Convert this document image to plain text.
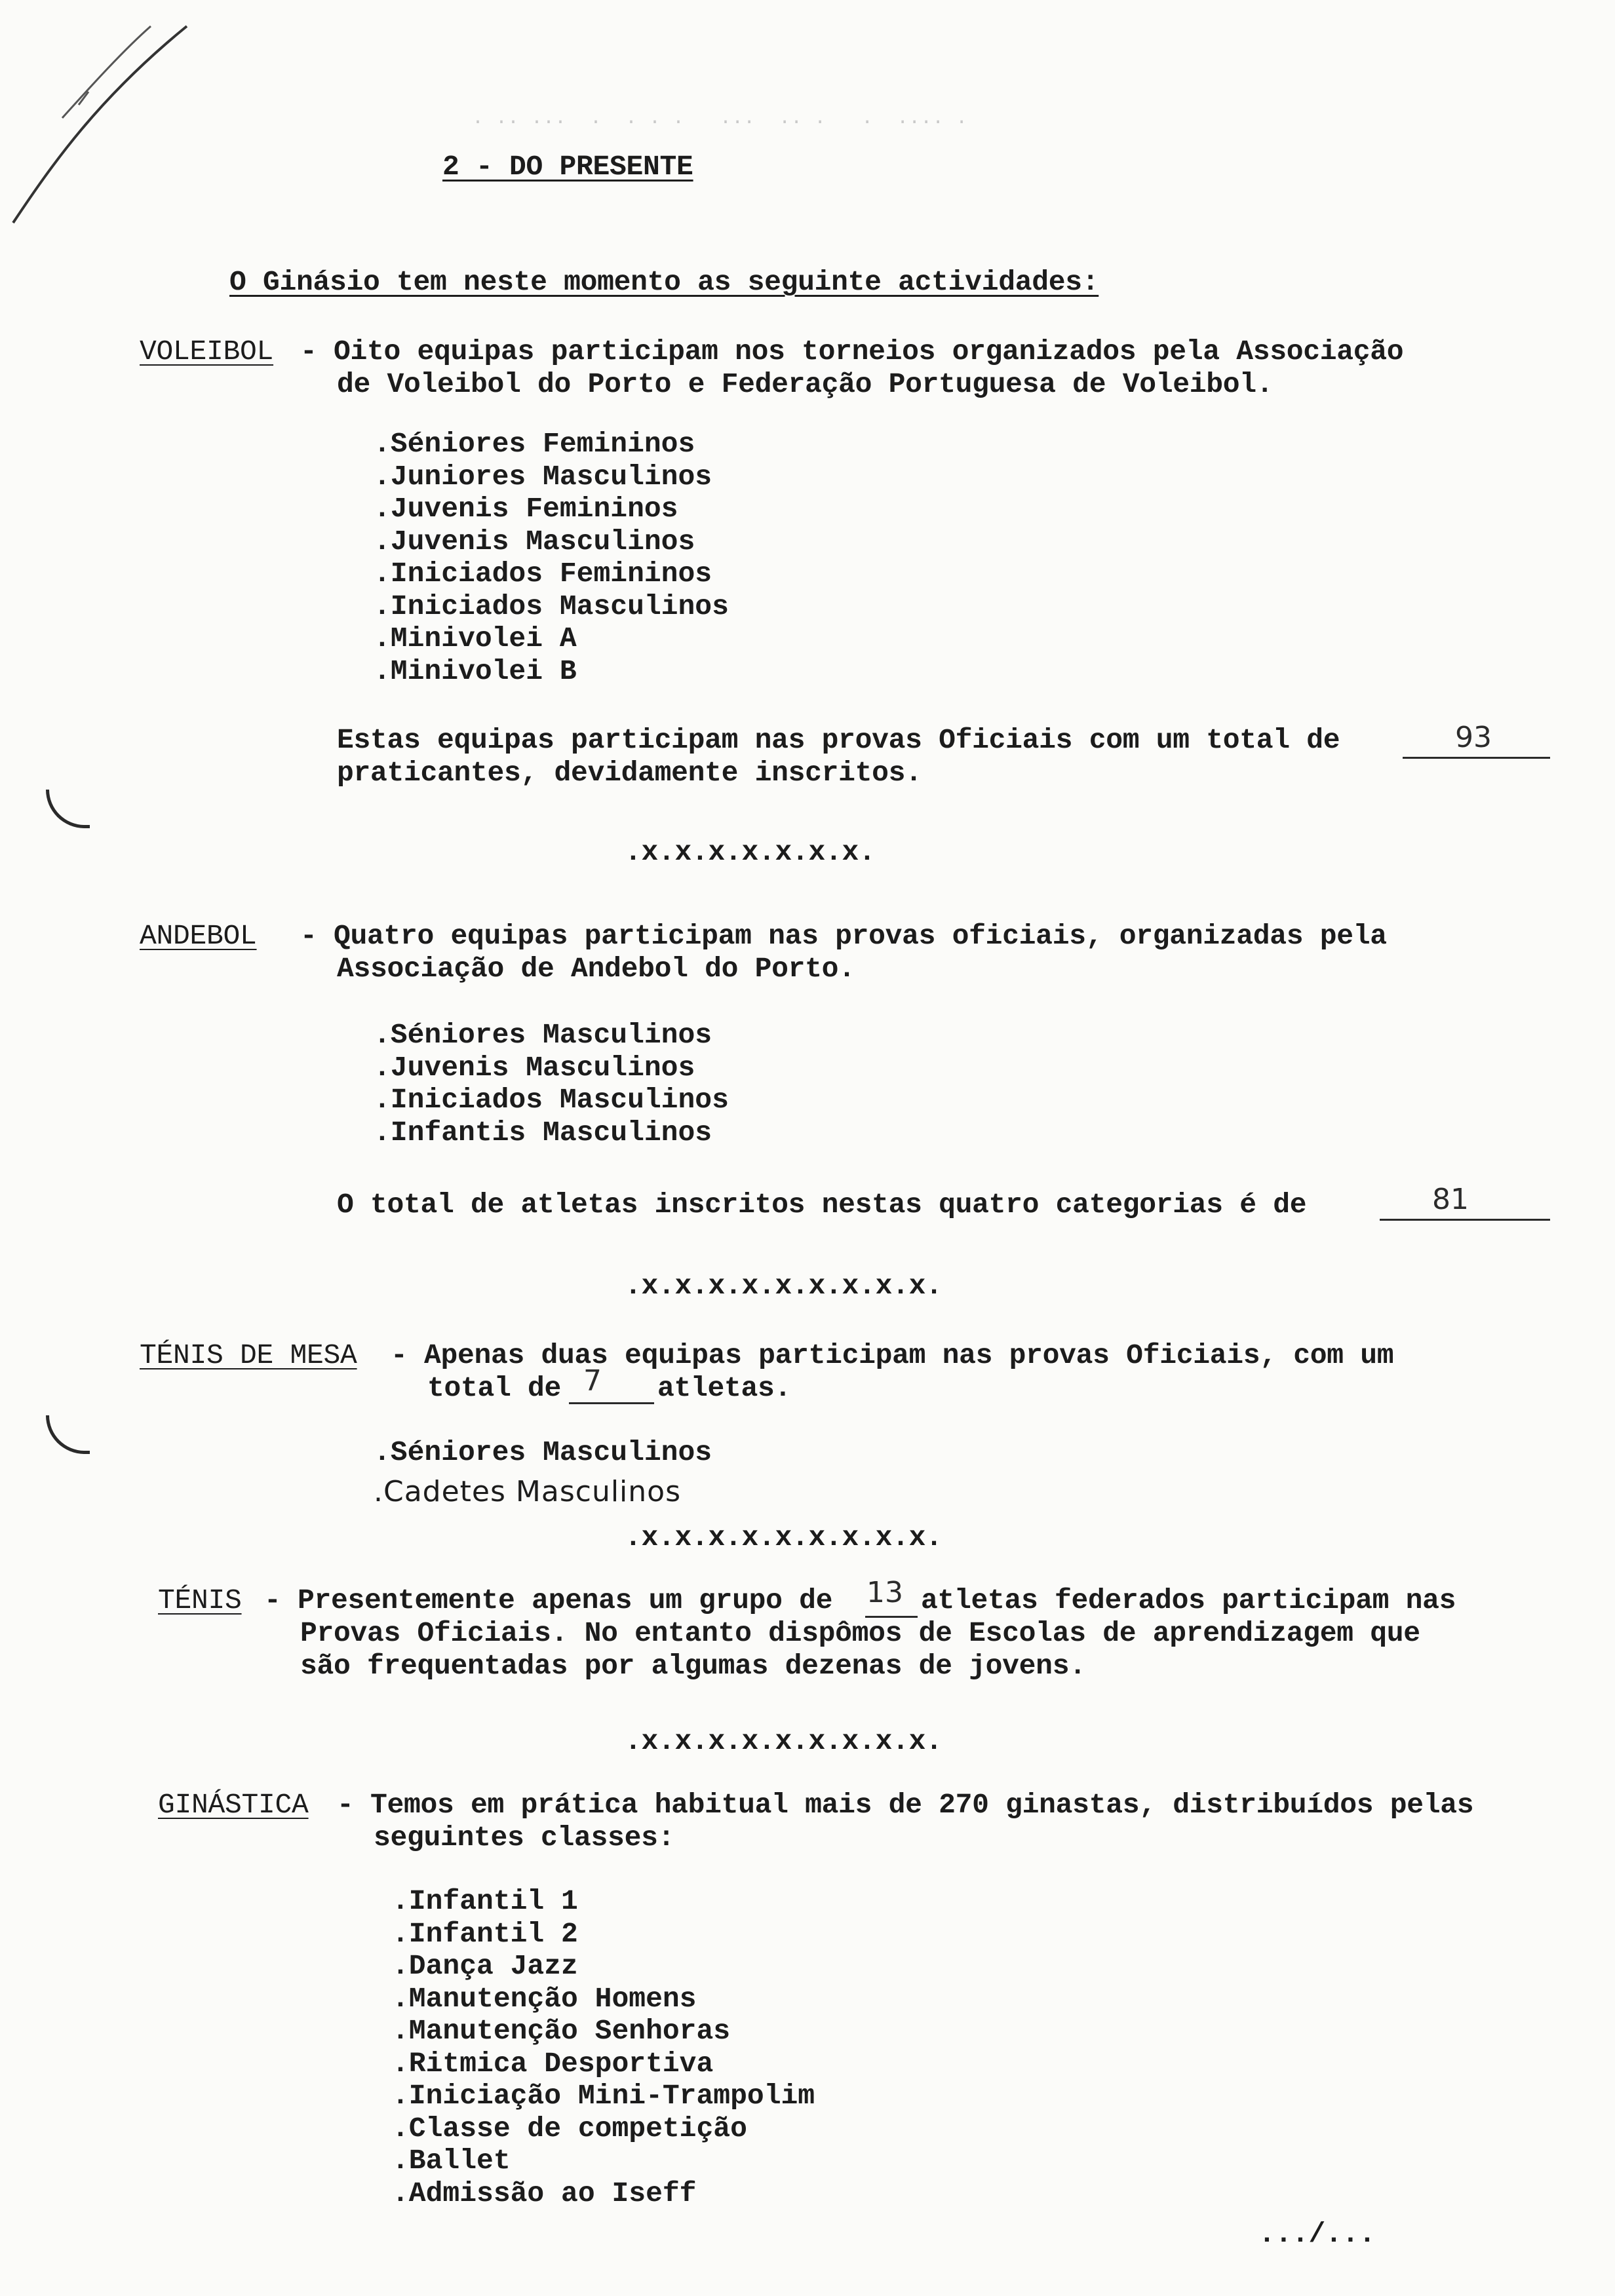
· ·· ···  ·  · · ·   ···  ·· ·   ·  ···· ·
2 - DO PRESENTE
O Ginásio tem neste momento as seguinte actividades:
VOLEIBOL - Oito equipas participam nos torneios organizados pela Associação
de Voleibol do Porto e Federação Portuguesa de Voleibol.
.Séniores Femininos
.Juniores Masculinos
.Juvenis Femininos
.Juvenis Masculinos
.Iniciados Femininos
.Iniciados Masculinos
.Minivolei A
.Minivolei B
Estas equipas participam nas provas Oficiais com um total de	93
praticantes, devidamente inscritos.
.x.x.x.x.x.x.x.
ANDEBOL - Quatro equipas participam nas provas oficiais, organizadas pela
Associação de Andebol do Porto.
.Séniores Masculinos
.Juvenis Masculinos
.Iniciados Masculinos
.Infantis Masculinos
O total de atletas inscritos nestas quatro categorias é de	81
.x.x.x.x.x.x.x.x.x.
TÉNIS DE MESA - Apenas duas equipas participam nas provas Oficiais, com um
total de 7 atletas.
.Séniores Masculinos
.Cadetes Masculinos
.x.x.x.x.x.x.x.x.x.
TÉNIS - Presentemente apenas um grupo de 13 atletas federados participam nas
Provas Oficiais. No entanto dispômos de Escolas de aprendizagem que
são frequentadas por algumas dezenas de jovens.
.x.x.x.x.x.x.x.x.x.
GINÁSTICA - Temos em prática habitual mais de 270 ginastas, distribuídos pelas
seguintes classes:
.Infantil 1
.Infantil 2
.Dança Jazz
.Manutenção Homens
.Manutenção Senhoras
.Ritmica Desportiva
.Iniciação Mini-Trampolim
.Classe de competição
.Ballet
.Admissão ao Iseff
.../...
